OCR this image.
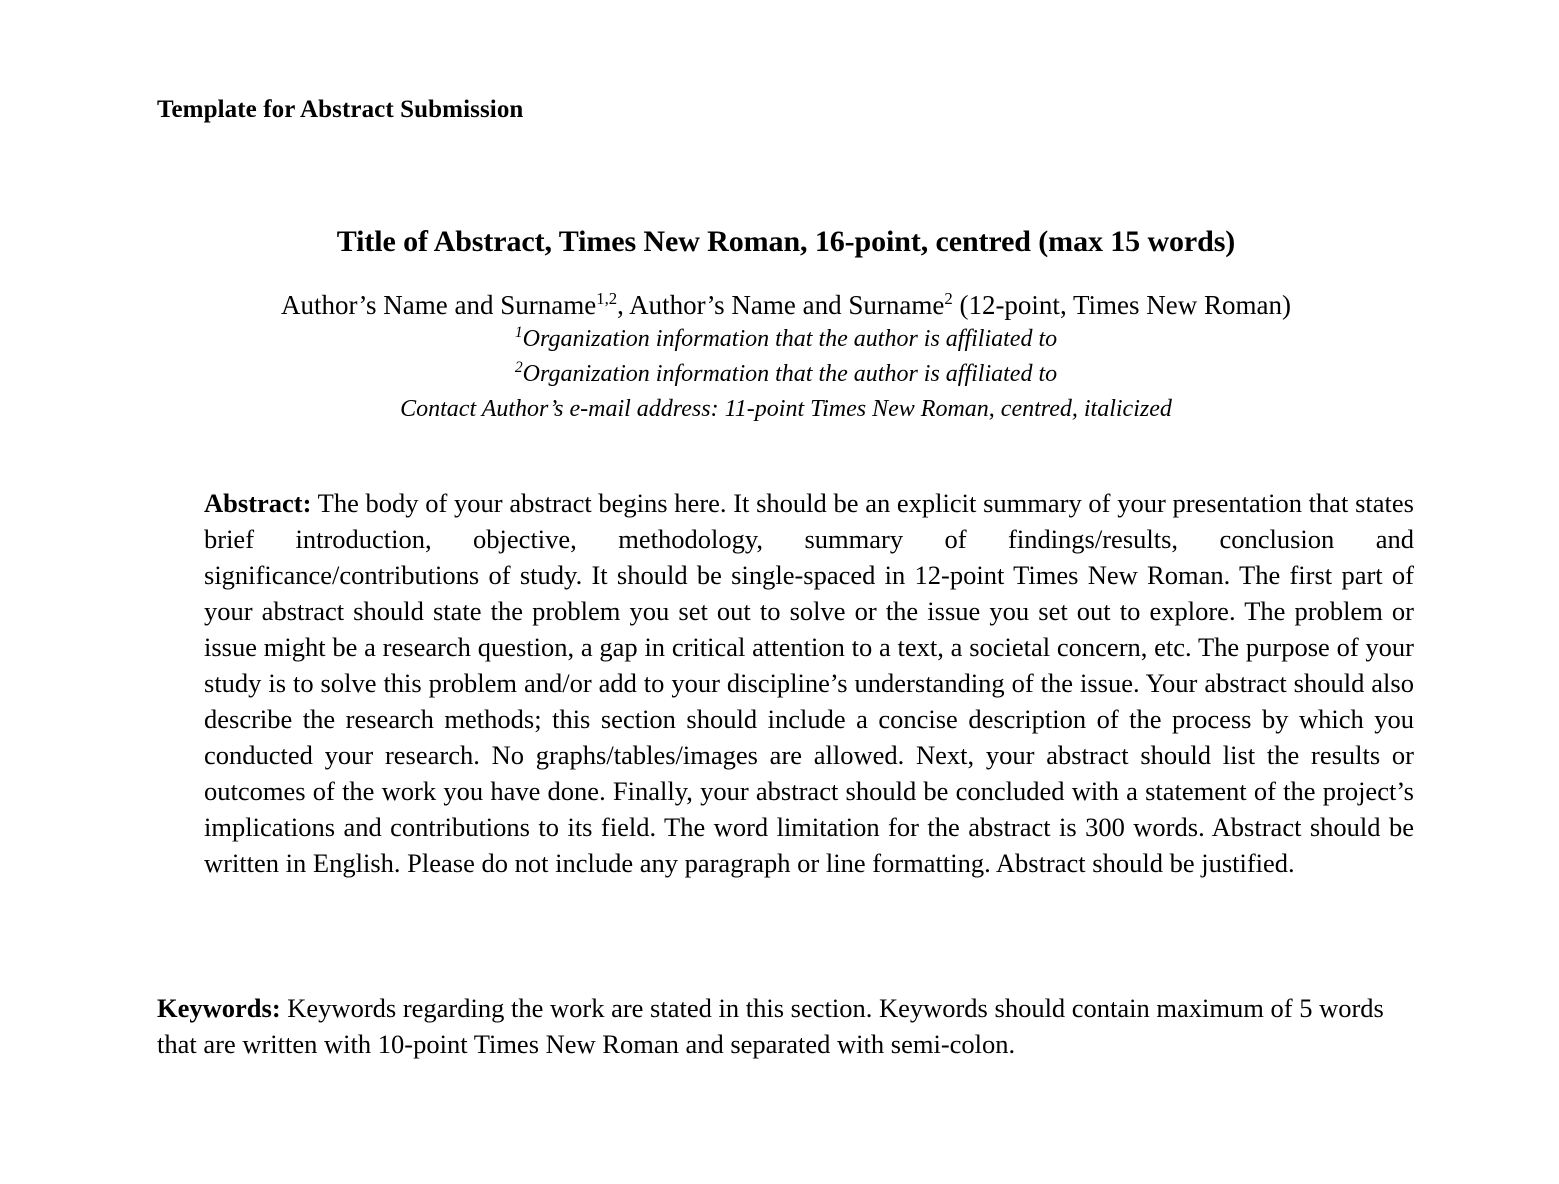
Template for Abstract Submission
Title of Abstract, Times New Roman, 16-point, centred (max 15 words)
Author’s Name and Surname$^{1,2}$, Author’s Name and Surname$^2$ (12-point, Times New Roman)
$^1$Organization information that the author is affiliated to
$^2$Organization information that the author is affiliated to
Contact Author’s e-mail address: 11-point Times New Roman, centred, italicized
Abstract: The body of your abstract begins here. It should be an explicit summary of your presentation that states brief introduction, objective, methodology, summary of findings/results, conclusion and significance/contributions of study. It should be single-spaced in 12-point Times New Roman. The first part of your abstract should state the problem you set out to solve or the issue you set out to explore. The problem or issue might be a research question, a gap in critical attention to a text, a societal concern, etc. The purpose of your study is to solve this problem and/or add to your discipline’s understanding of the issue. Your abstract should also describe the research methods; this section should include a concise description of the process by which you conducted your research. No graphs/tables/images are allowed. Next, your abstract should list the results or outcomes of the work you have done. Finally, your abstract should be concluded with a statement of the project’s implications and contributions to its field. The word limitation for the abstract is 300 words. Abstract should be written in English. Please do not include any paragraph or line formatting. Abstract should be justified.
Keywords: Keywords regarding the work are stated in this section. Keywords should contain maximum of 5 words that are written with 10-point Times New Roman and separated with semi-colon.
